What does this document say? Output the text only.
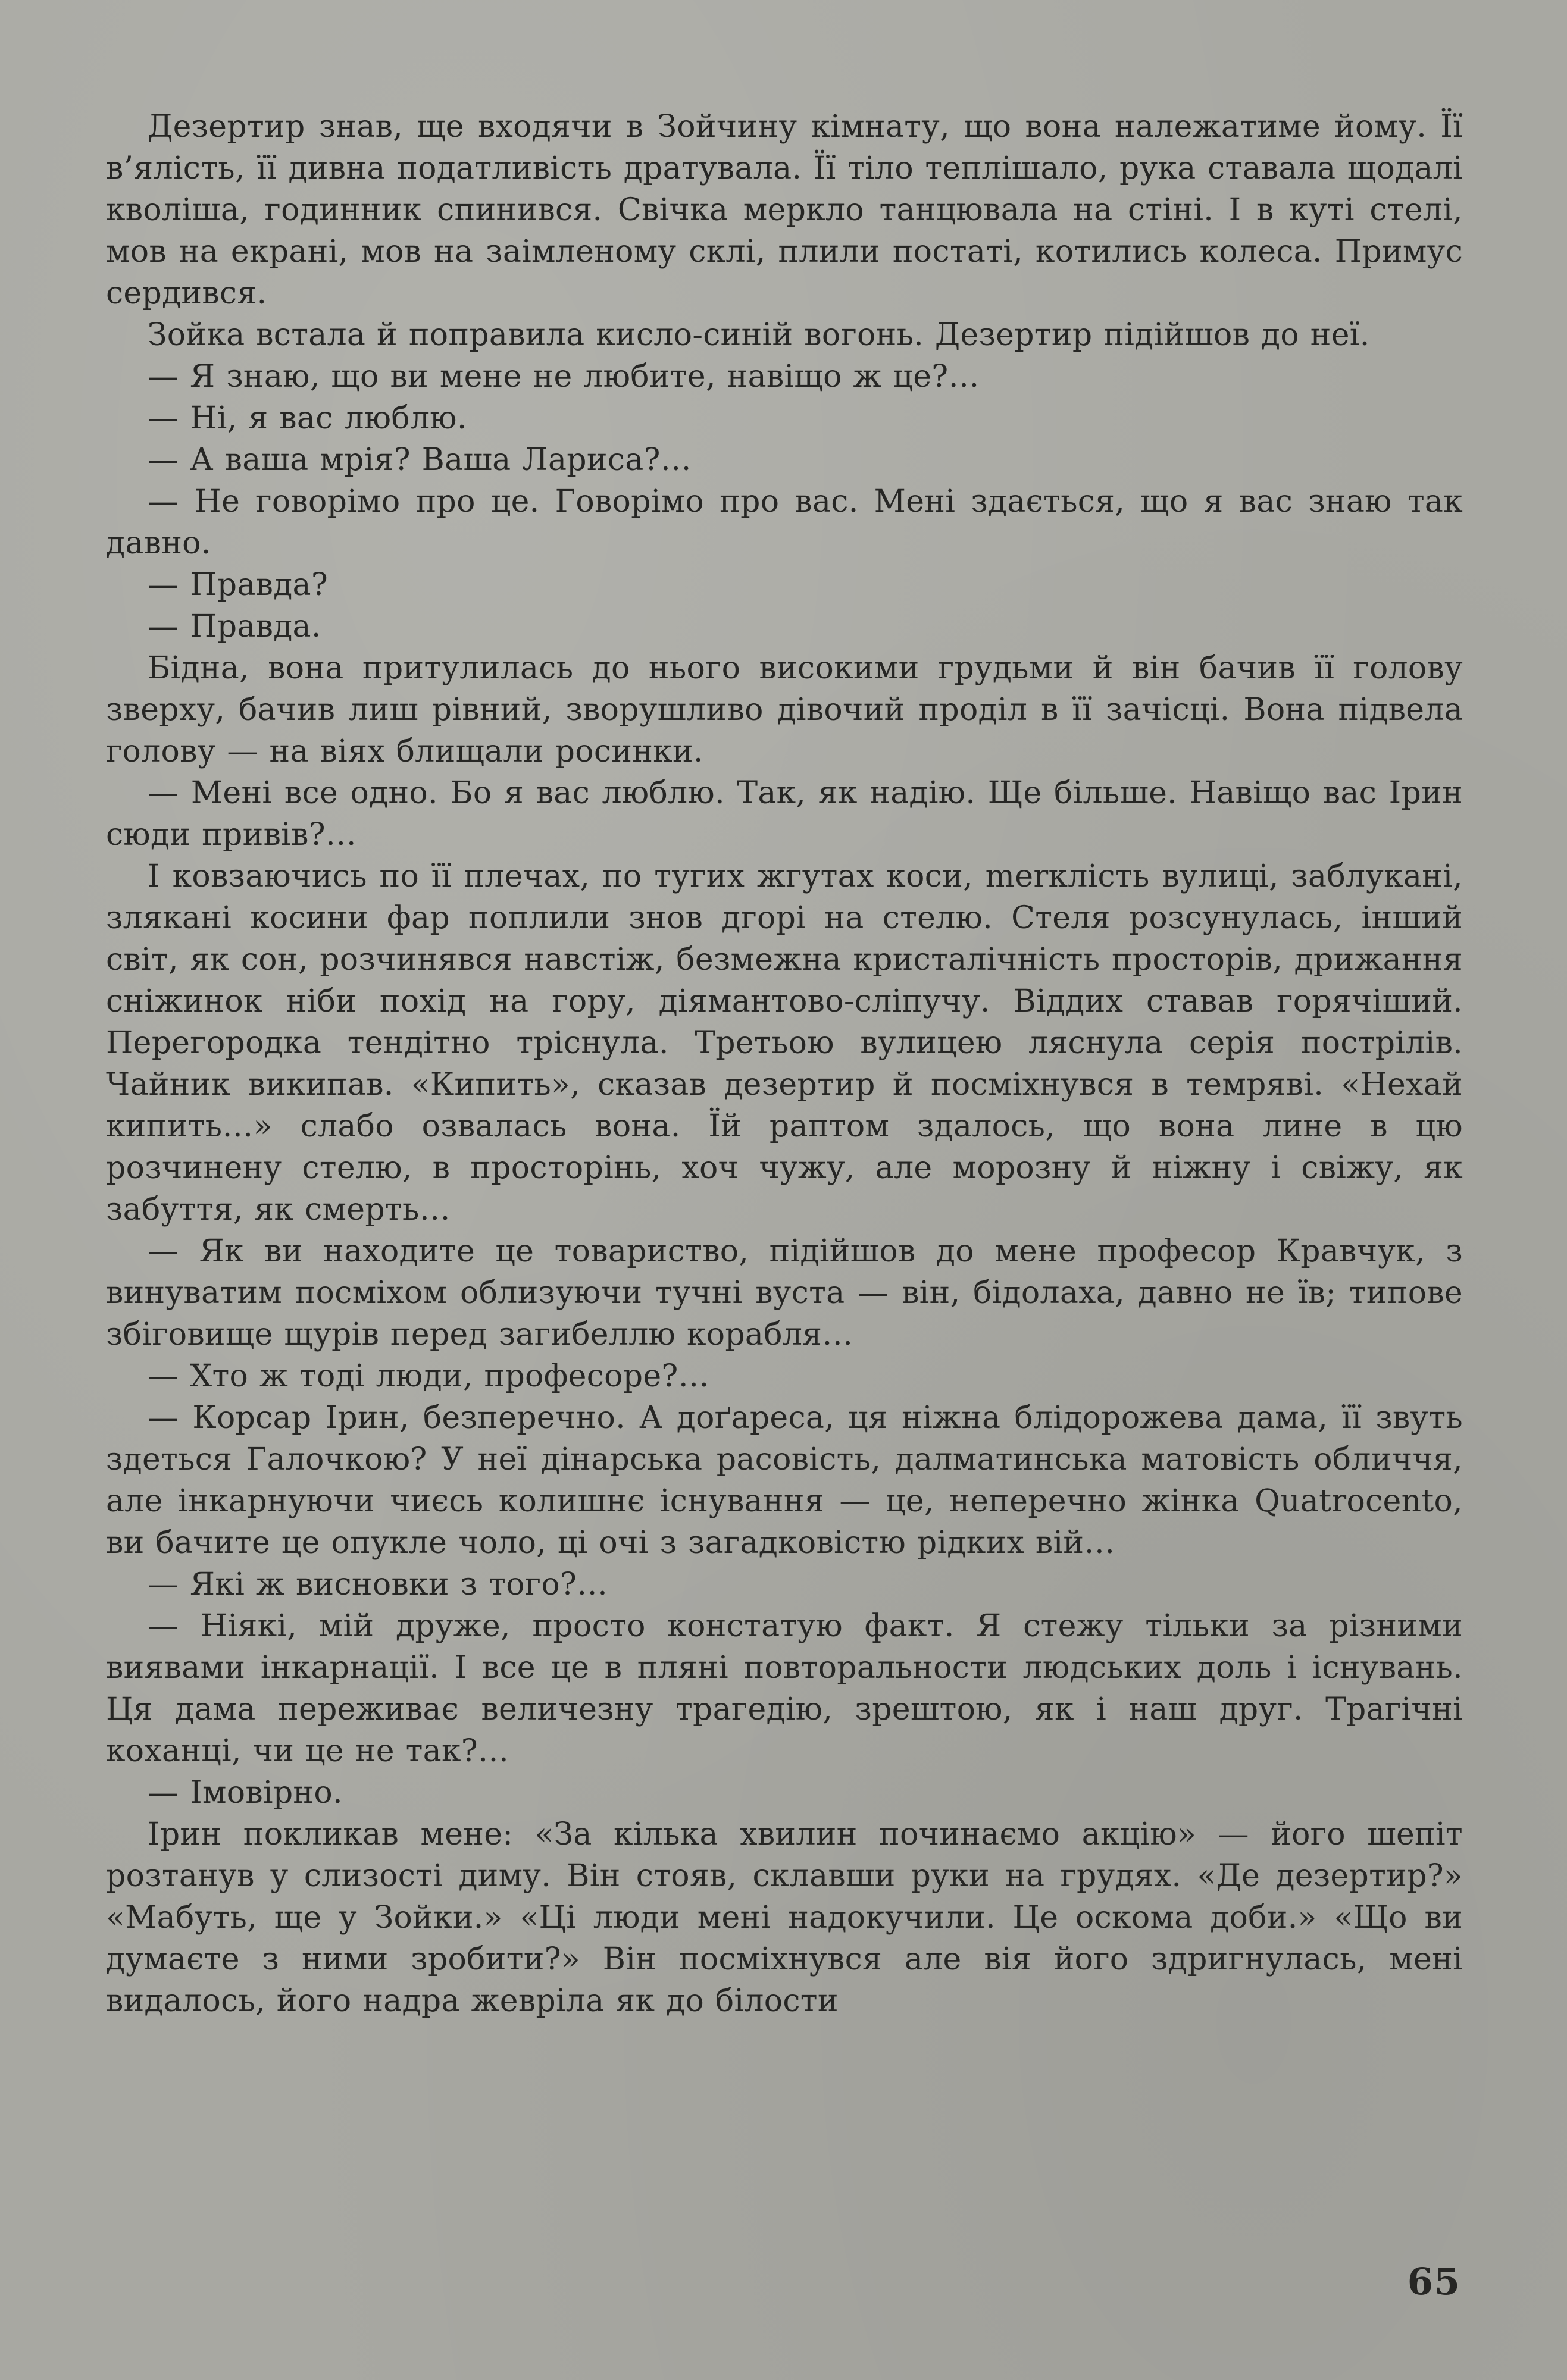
Дезертир знав, ще входячи в Зойчину кімнату, що вона належатиме йому. Її в’ялість, її дивна податливість дратувала. Її тіло теплішало, рука ставала щодалі кволіша, годинник спинився. Свічка меркло танцювала на стіні. І в куті стелі, мов на екрані, мов на заімленому склі, плили постаті, котились колеса. Примус сердився.

Зойка встала й поправила кисло-синій вогонь. Дезертир підійшов до неї.

— Я знаю, що ви мене не любите, навіщо ж це?…

— Ні, я вас люблю.

— А ваша мрія? Ваша Лариса?…

— Не говорімо про це. Говорімо про вас. Мені здається, що я вас знаю так давно.

— Правда?

— Правда.

Бідна, вона притулилась до нього високими грудьми й він бачив її голову зверху, бачив лиш рівний, зворушливо дівочий проділ в її зачісці. Вона підвела голову — на віях блищали росинки.

— Мені все одно. Бо я вас люблю. Так, як надію. Ще більше. Навіщо вас Ірин сюди привів?…

І ковзаючись по її плечах, по тугих жгутах коси, merклість вулиці, заблукані, злякані косини фар поплили знов дгорі на стелю. Стеля розсунулась, інший світ, як сон, розчинявся навстіж, безмежна кристалічність просторів, дрижання сніжинок ніби похід на гору, діямантово-сліпучу. Віддих ставав горячіший. Перегородка тендітно тріснула. Третьою вулицею ляснула серія пострілів. Чайник википав. «Кипить», сказав дезертир й посміхнувся в темряві. «Нехай кипить…» слабо озвалась вона. Їй раптом здалось, що вона лине в цю розчинену стелю, в просторінь, хоч чужу, але морозну й ніжну і свіжу, як забуття, як смерть…

— Як ви находите це товариство, підійшов до мене професор Кравчук, з винуватим посміхом облизуючи тучні вуста — він, бідолаха, давно не їв; типове збіговище щурів перед загибеллю корабля…

— Хто ж тоді люди, професоре?…

— Корсар Ірин, безперечно. А доґареса, ця ніжна блідорожева дама, її звуть здеться Галочкою? У неї дінарська расовість, далматинська матовість обличчя, але інкарнуючи чиєсь колишнє існування — це, неперечно жінка Quatrocento, ви бачите це опукле чоло, ці очі з загадковістю рідких вій…

— Які ж висновки з того?…

— Ніякі, мій друже, просто констатую факт. Я стежу тільки за різними виявами інкарнації. І все це в пляні повторальности людських доль і існувань. Ця дама переживає величезну трагедію, зрештою, як і наш друг. Трагічні коханці, чи це не так?…

— Імовірно.

Ірин покликав мене: «За кілька хвилин починаємо акцію» — його шепіт розтанув у слизості диму. Він стояв, склавши руки на грудях. «Де дезертир?» «Мабуть, ще у Зойки.» «Ці люди мені надокучили. Це оскома доби.» «Що ви думаєте з ними зробити?» Він посміхнувся але вія його здригнулась, мені видалось, його надра жевріла як до білости

65
